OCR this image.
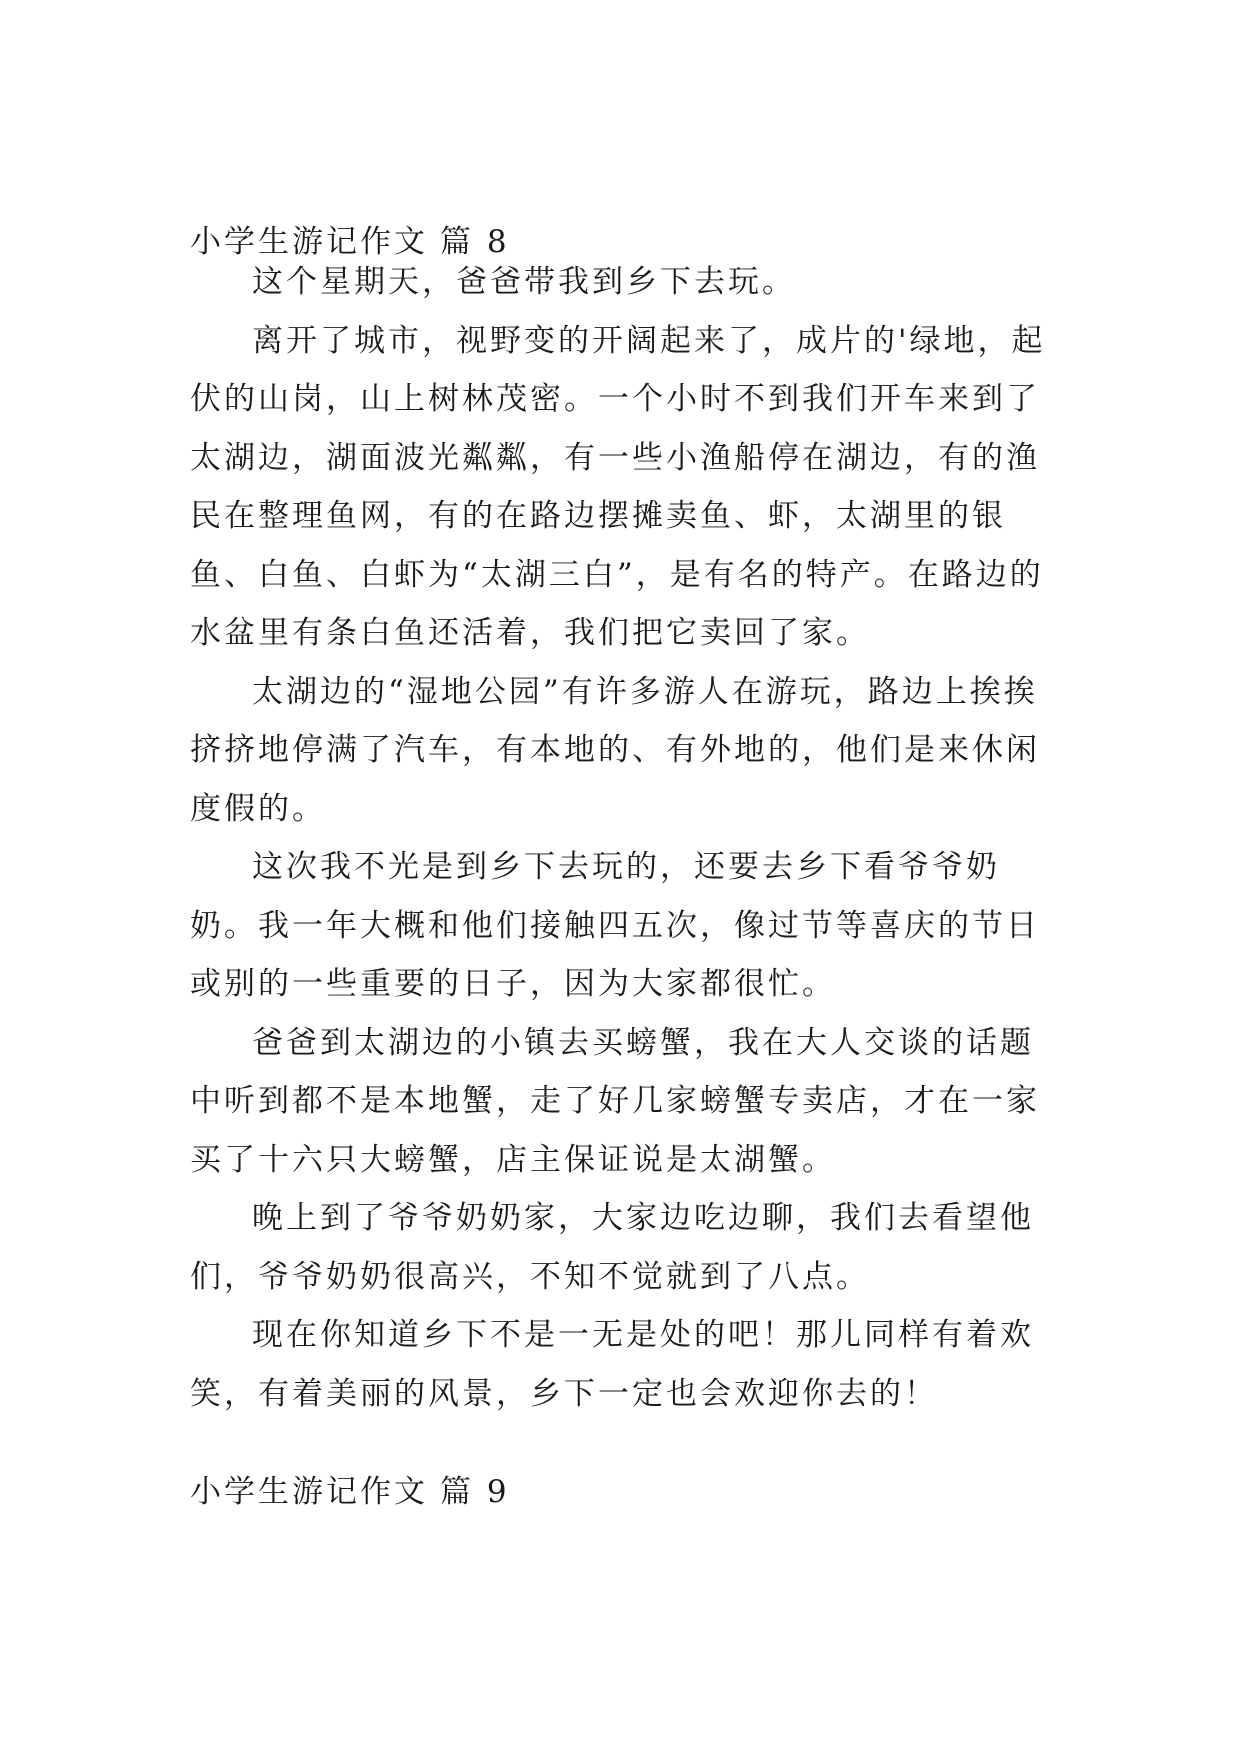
小学生游记作文 篇 8

这个星期天，爸爸带我到乡下去玩。

离开了城市，视野变的开阔起来了，成片的'绿地，起伏的山岗，山上树林茂密。一个小时不到我们开车来到了太湖边，湖面波光粼粼，有一些小渔船停在湖边，有的渔民在整理鱼网，有的在路边摆摊卖鱼、虾，太湖里的银鱼、白鱼、白虾为“太湖三白”，是有名的特产。在路边的水盆里有条白鱼还活着，我们把它卖回了家。

太湖边的“湿地公园”有许多游人在游玩，路边上挨挨挤挤地停满了汽车，有本地的、有外地的，他们是来休闲度假的。

这次我不光是到乡下去玩的，还要去乡下看爷爷奶奶。我一年大概和他们接触四五次，像过节等喜庆的节日或别的一些重要的日子，因为大家都很忙。

爸爸到太湖边的小镇去买螃蟹，我在大人交谈的话题中听到都不是本地蟹，走了好几家螃蟹专卖店，才在一家买了十六只大螃蟹，店主保证说是太湖蟹。

晚上到了爷爷奶奶家，大家边吃边聊，我们去看望他们，爷爷奶奶很高兴，不知不觉就到了八点。

现在你知道乡下不是一无是处的吧！那儿同样有着欢笑，有着美丽的风景，乡下一定也会欢迎你去的！

小学生游记作文 篇 9
